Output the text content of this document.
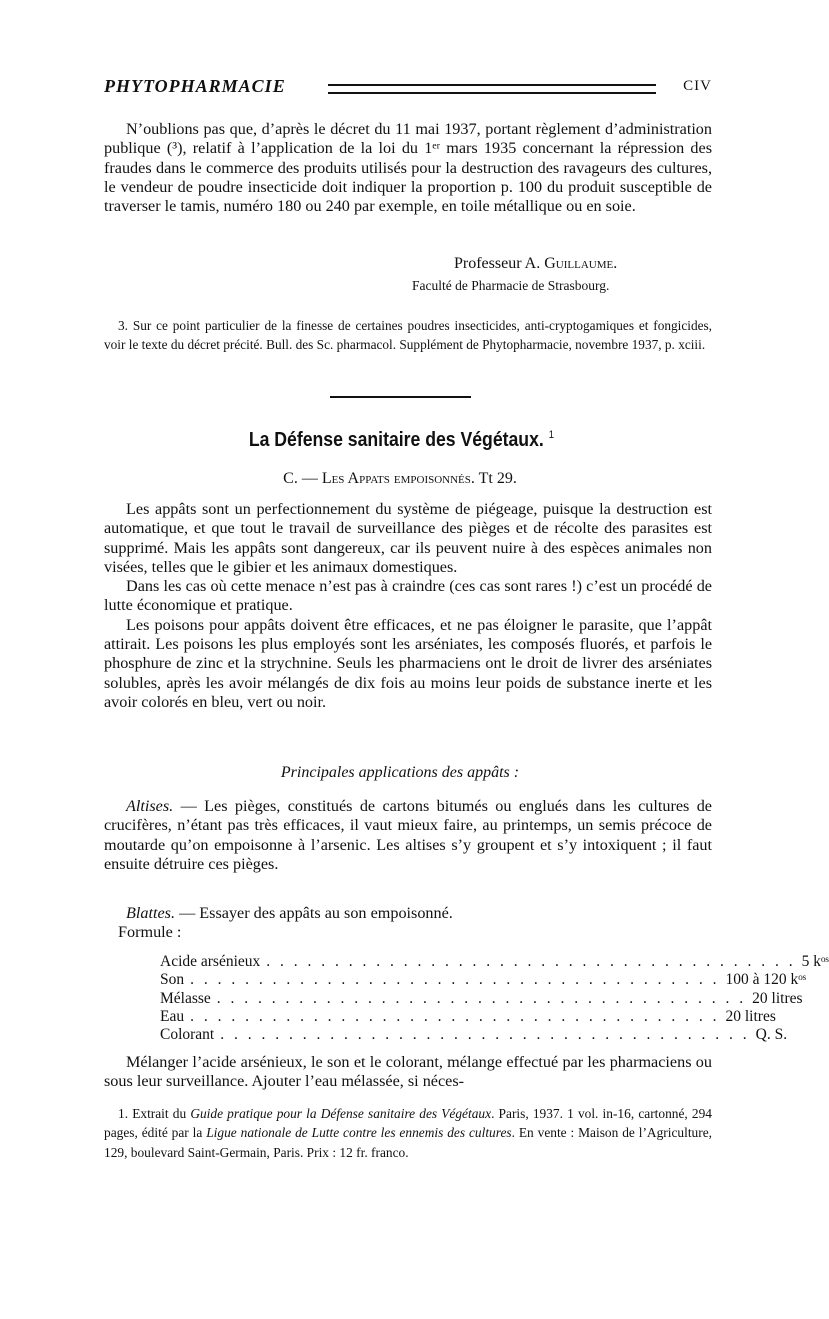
PHYTOPHARMACIE	CIV

N’oublions pas que, d’après le décret du 11 mai 1937, portant règlement d’administration publique (³), relatif à l’application de la loi du 1ᵉʳ mars 1935 concernant la répression des fraudes dans le commerce des produits utilisés pour la destruction des ravageurs des cultures, le vendeur de poudre insecticide doit indiquer la proportion p. 100 du produit susceptible de traverser le tamis, numéro 180 ou 240 par exemple, en toile métallique ou en soie.

Professeur A. Guillaume.
Faculté de Pharmacie de Strasbourg.

3. Sur ce point particulier de la finesse de certaines poudres insecticides, anti-cryptogamiques et fongicides, voir le texte du décret précité. Bull. des Sc. pharmacol. Supplément de Phytopharmacie, novembre 1937, p. xciii.

La Défense sanitaire des Végétaux. $^1$
C. — Les Appats empoisonnés. Tt 29.

Les appâts sont un perfectionnement du système de piégeage, puisque la destruction est automatique, et que tout le travail de surveillance des pièges et de récolte des parasites est supprimé. Mais les appâts sont dangereux, car ils peuvent nuire à des espèces animales non visées, telles que le gibier et les animaux domestiques.

Dans les cas où cette menace n’est pas à craindre (ces cas sont rares !) c’est un procédé de lutte économique et pratique.

Les poisons pour appâts doivent être efficaces, et ne pas éloigner le parasite, que l’appât attirait. Les poisons les plus employés sont les arséniates, les composés fluorés, et parfois le phosphure de zinc et la strychnine. Seuls les pharmaciens ont le droit de livrer des arséniates solubles, après les avoir mélangés de dix fois au moins leur poids de substance inerte et les avoir colorés en bleu, vert ou noir.

Principales applications des appâts :

Altises. — Les pièges, constitués de cartons bitumés ou englués dans les cultures de crucifères, n’étant pas très efficaces, il vaut mieux faire, au printemps, un semis précoce de moutarde qu’on empoisonne à l’arsenic. Les altises s’y groupent et s’y intoxiquent ; il faut ensuite détruire ces pièges.

Blattes. — Essayer des appâts au son empoisonné.

Formule :

Acide arsénieux . . . . . . . . . . . . . . . . . . . . . . . . . . . . . . . . . . . . . . . 5 kᵒˢ
Son . . . . . . . . . . . . . . . . . . . . . . . . . . . . . . . . . . . . . . . 100 à 120 kᵒˢ
Mélasse . . . . . . . . . . . . . . . . . . . . . . . . . . . . . . . . . . . . . . . 20 litres
Eau . . . . . . . . . . . . . . . . . . . . . . . . . . . . . . . . . . . . . . . 20 litres
Colorant . . . . . . . . . . . . . . . . . . . . . . . . . . . . . . . . . . . . . . . Q. S.

Mélanger l’acide arsénieux, le son et le colorant, mélange effectué par les pharmaciens ou sous leur surveillance. Ajouter l’eau mélassée, si néces-

1. Extrait du Guide pratique pour la Défense sanitaire des Végétaux. Paris, 1937. 1 vol. in-16, cartonné, 294 pages, édité par la Ligue nationale de Lutte contre les ennemis des cultures. En vente : Maison de l’Agriculture, 129, boulevard Saint-Germain, Paris. Prix : 12 fr. franco.
